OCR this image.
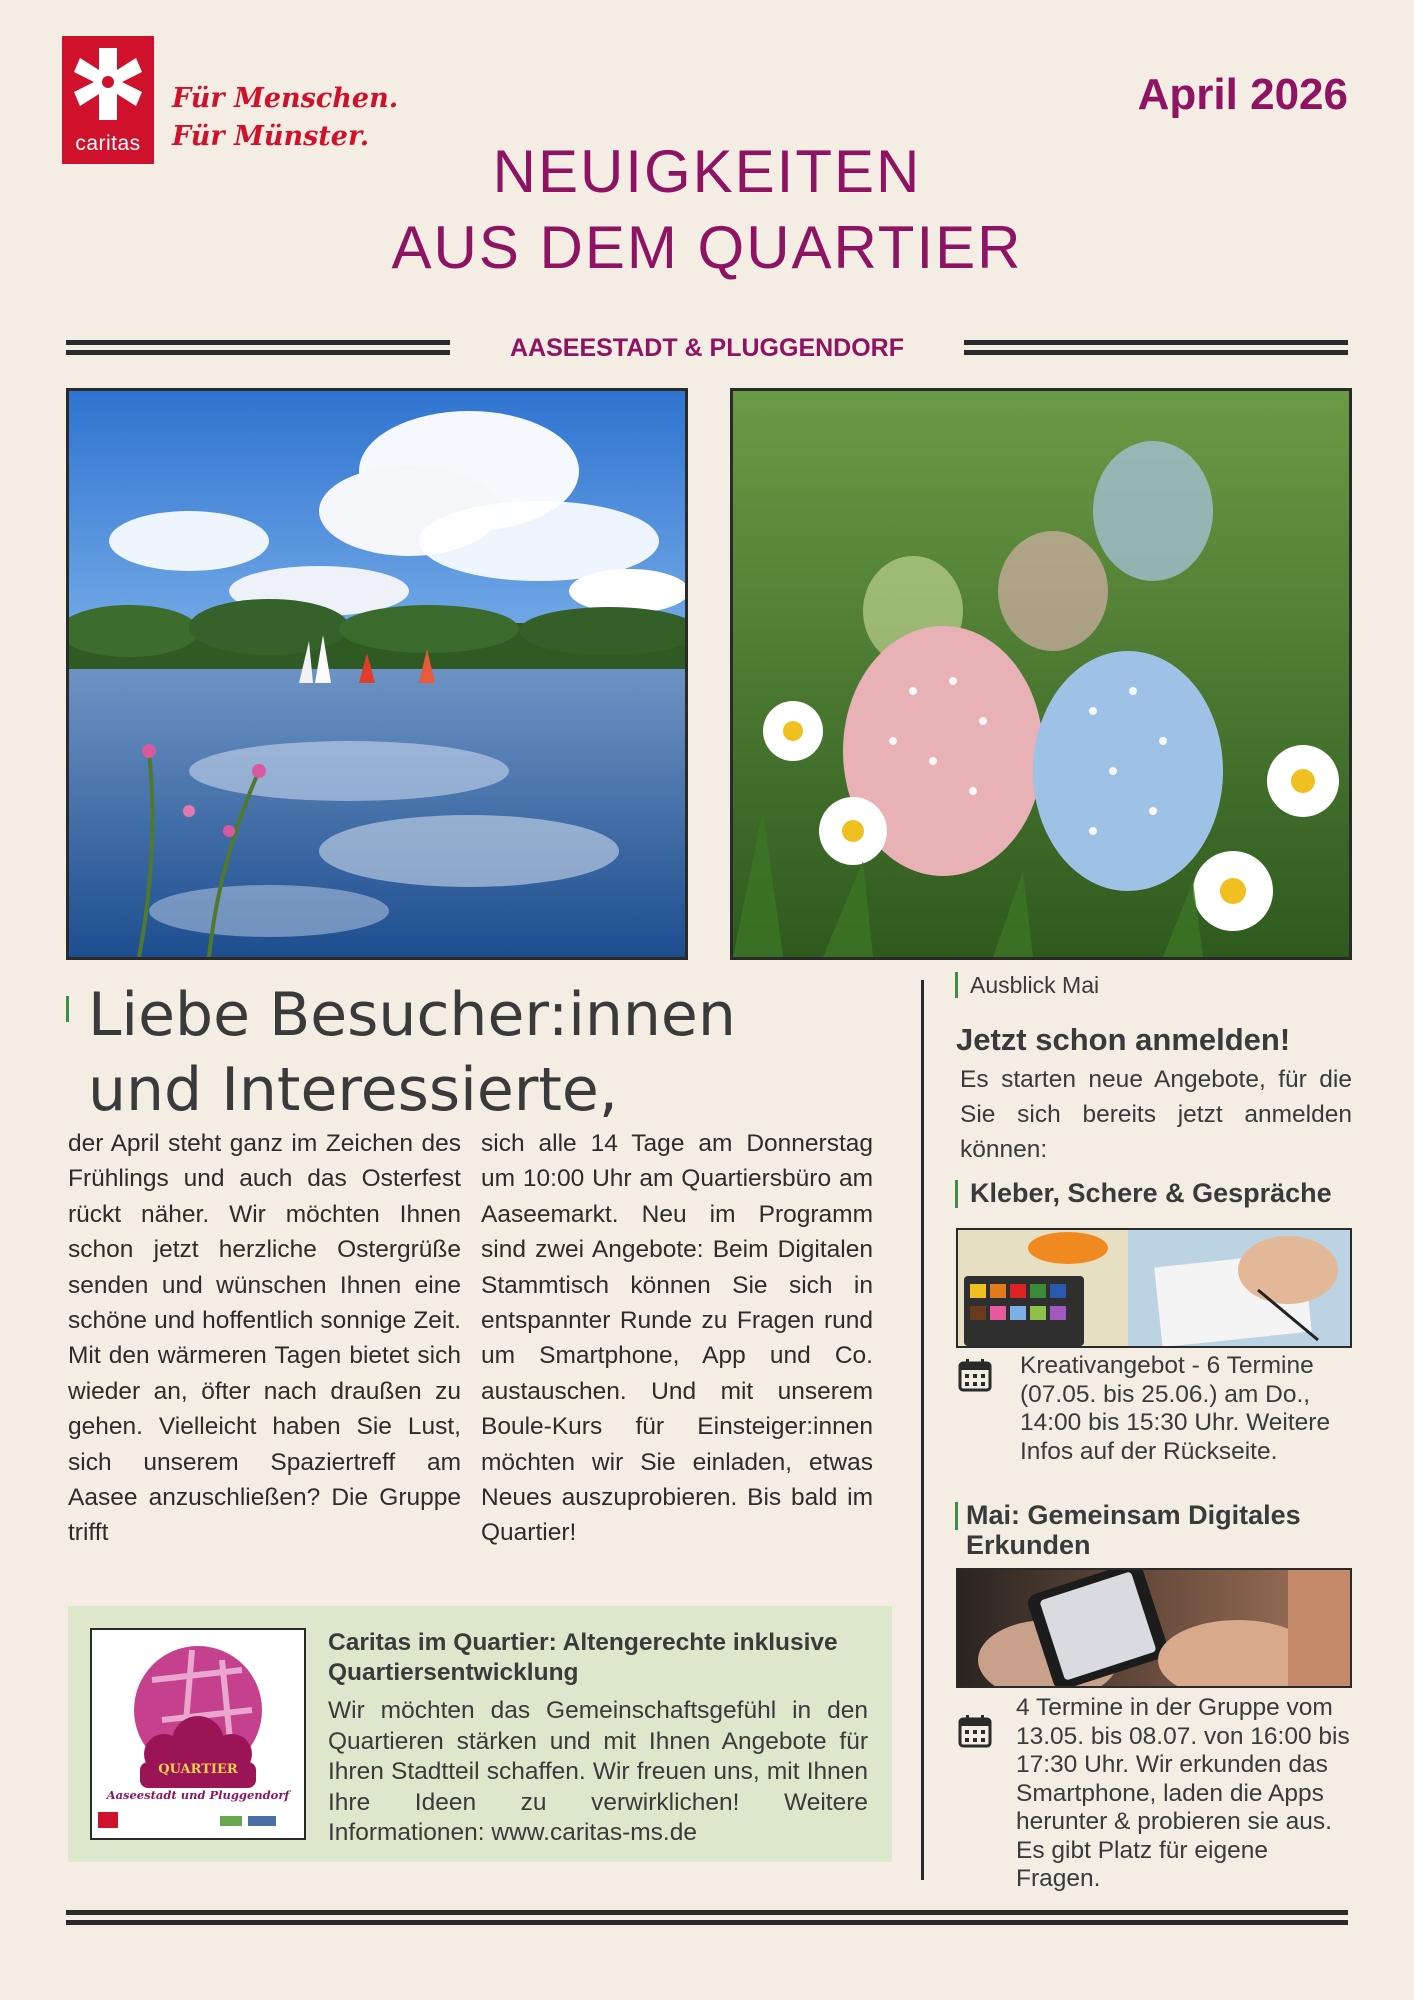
caritas
Für Menschen.
Für Münster.
April 2026
NEUIGKEITEN
AUS DEM QUARTIER
AASEESTADT & PLUGGENDORF
Liebe Besucher:innen
und Interessierte,
der April steht ganz im Zeichen des Frühlings und auch das Osterfest rückt näher. Wir möchten Ihnen schon jetzt herzliche Ostergrüße senden und wünschen Ihnen eine schöne und hoffentlich sonnige Zeit. Mit den wärmeren Tagen bietet sich wieder an, öfter nach draußen zu gehen. Vielleicht haben Sie Lust, sich unserem Spaziertreff am Aasee anzuschließen? Die Gruppe trifft
sich alle 14 Tage am Donnerstag um 10:00 Uhr am Quartiersbüro am Aaseemarkt. Neu im Programm sind zwei Angebote: Beim Digitalen Stammtisch können Sie sich in entspannter Runde zu Fragen rund um Smartphone, App und Co. austauschen. Und mit unserem Boule-Kurs für Einsteiger:innen möchten wir Sie einladen, etwas Neues auszuprobieren. Bis bald im Quartier!
QUARTIER
Aaseestadt und Pluggendorf
Caritas im Quartier: Altengerechte inklusive Quartiersentwicklung
Wir möchten das Gemeinschaftsgefühl in den Quartieren stärken und mit Ihnen Angebote für Ihren Stadtteil schaffen. Wir freuen uns, mit Ihnen Ihre Ideen zu verwirklichen! Weitere Informationen: www.caritas-ms.de
Ausblick Mai
Jetzt schon anmelden!
Es starten neue Angebote, für die Sie sich bereits jetzt anmelden können:
Kleber, Schere & Gespräche
Kreativangebot - 6 Termine (07.05. bis 25.06.) am Do., 14:00 bis 15:30 Uhr. Weitere Infos auf der Rückseite.
Mai: Gemeinsam Digitales
Erkunden
4 Termine in der Gruppe vom 13.05. bis 08.07. von 16:00 bis 17:30 Uhr. Wir erkunden das Smartphone, laden die Apps herunter & probieren sie aus. Es gibt Platz für eigene Fragen.
